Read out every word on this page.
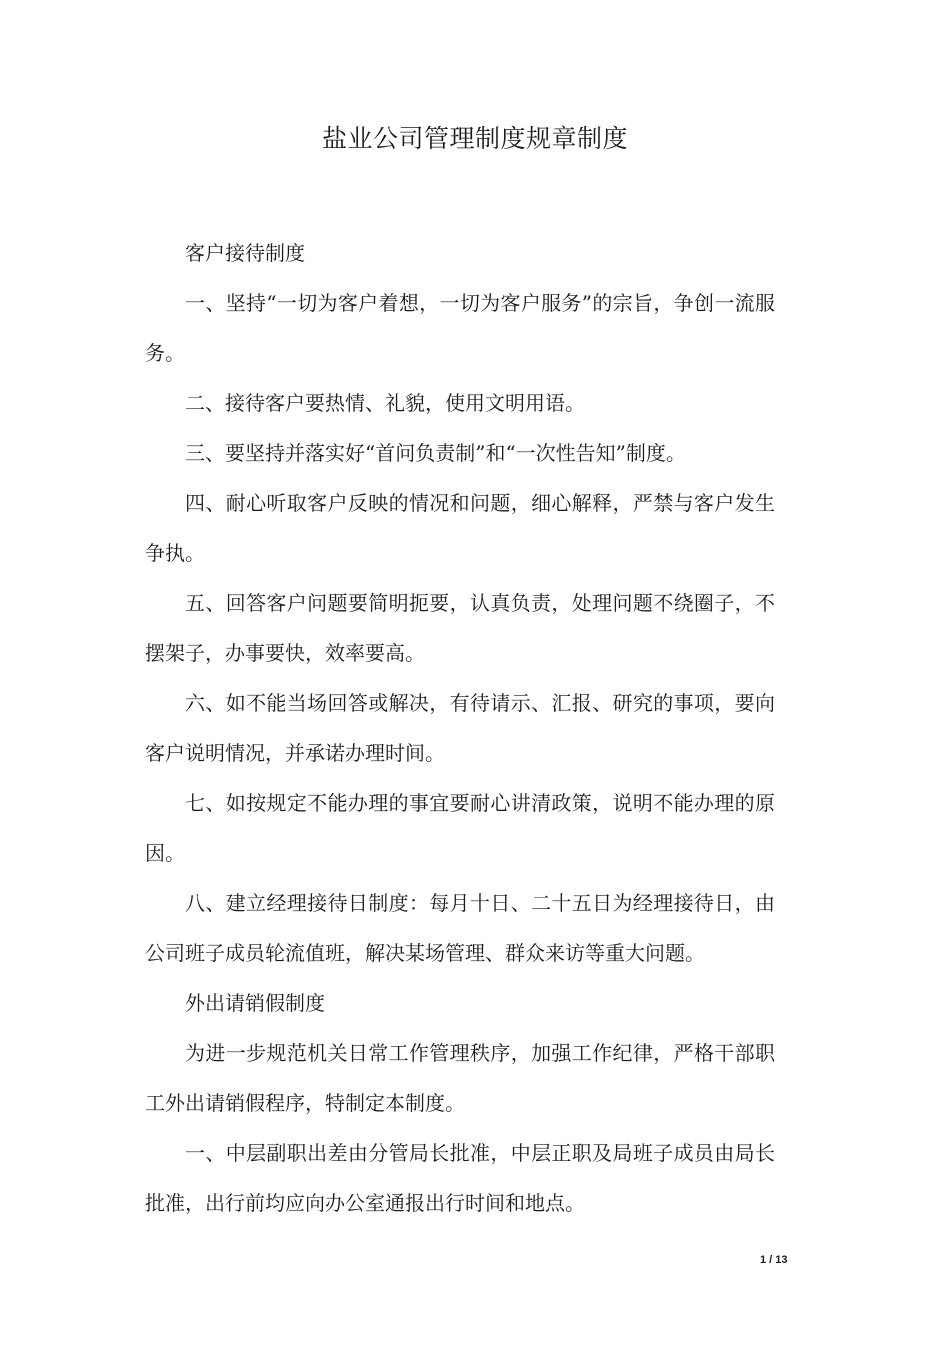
盐业公司管理制度规章制度

客户接待制度

一、坚持“一切为客户着想，一切为客户服务”的宗旨，争创一流服务。

二、接待客户要热情、礼貌，使用文明用语。

三、要坚持并落实好“首问负责制”和“一次性告知”制度。

四、耐心听取客户反映的情况和问题，细心解释，严禁与客户发生争执。

五、回答客户问题要简明扼要，认真负责，处理问题不绕圈子，不摆架子，办事要快，效率要高。

六、如不能当场回答或解决，有待请示、汇报、研究的事项，要向客户说明情况，并承诺办理时间。

七、如按规定不能办理的事宜要耐心讲清政策，说明不能办理的原因。

八、建立经理接待日制度：每月十日、二十五日为经理接待日，由公司班子成员轮流值班，解决某场管理、群众来访等重大问题。

外出请销假制度

为进一步规范机关日常工作管理秩序，加强工作纪律，严格干部职工外出请销假程序，特制定本制度。

一、中层副职出差由分管局长批准，中层正职及局班子成员由局长批准，出行前均应向办公室通报出行时间和地点。

1 / 13
